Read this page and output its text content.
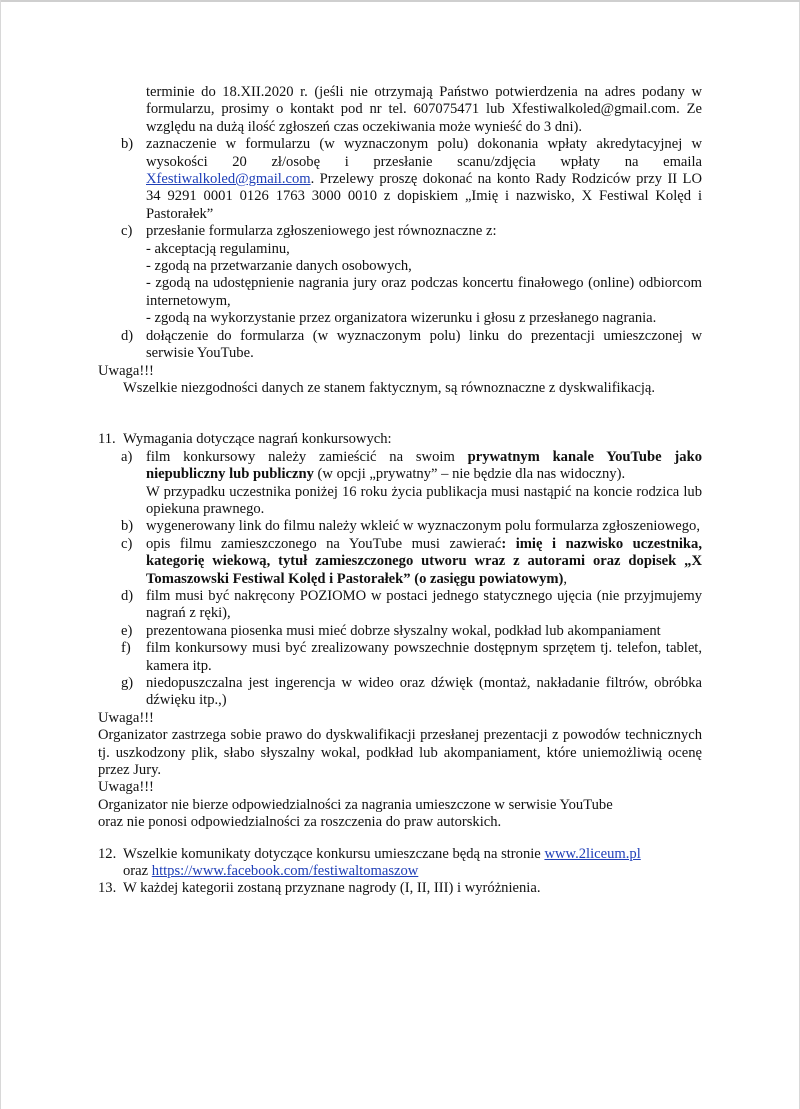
terminie do 18.XII.2020 r. (jeśli nie otrzymają Państwo potwierdzenia na adres podany w formularzu, prosimy o kontakt pod nr tel. 607075471 lub Xfestiwalkoled@gmail.com. Ze względu na dużą ilość zgłoszeń czas oczekiwania może wynieść do 3 dni).

b) zaznaczenie w formularzu (w wyznaczonym polu) dokonania wpłaty akredytacyjnej w wysokości 20 zł/osobę i przesłanie scanu/zdjęcia wpłaty na emaila Xfestiwalkoled@gmail.com. Przelewy proszę dokonać na konto Rady Rodziców przy II LO 34 9291 0001 0126 1763 3000 0010 z dopiskiem „Imię i nazwisko, X Festiwal Kolęd i Pastorałek”

c) przesłanie formularza zgłoszeniowego jest równoznaczne z:

- akceptacją regulaminu,

- zgodą na przetwarzanie danych osobowych,

- zgodą na udostępnienie nagrania jury oraz podczas koncertu finałowego (online) odbiorcom internetowym,

- zgodą na wykorzystanie przez organizatora wizerunku i głosu z przesłanego nagrania.

d) dołączenie do formularza (w wyznaczonym polu) linku do prezentacji umieszczonej w serwisie YouTube.

Uwaga!!!

Wszelkie niezgodności danych ze stanem faktycznym, są równoznaczne z dyskwalifikacją.

11. Wymagania dotyczące nagrań konkursowych:

a) film konkursowy należy zamieścić na swoim prywatnym kanale YouTube jako niepubliczny lub publiczny (w opcji „prywatny” – nie będzie dla nas widoczny).

W przypadku uczestnika poniżej 16 roku życia publikacja musi nastąpić na koncie rodzica lub opiekuna prawnego.

b) wygenerowany link do filmu należy wkleić w wyznaczonym polu formularza zgłoszeniowego,

c) opis filmu zamieszczonego na YouTube musi zawierać: imię i nazwisko uczestnika, kategorię wiekową, tytuł zamieszczonego utworu wraz z autorami oraz dopisek „X Tomaszowski Festiwal Kolęd i Pastorałek” (o zasięgu powiatowym),

d) film musi być nakręcony POZIOMO w postaci jednego statycznego ujęcia (nie przyjmujemy nagrań z ręki),

e) prezentowana piosenka musi mieć dobrze słyszalny wokal, podkład lub akompaniament

f) film konkursowy musi być zrealizowany powszechnie dostępnym sprzętem tj. telefon, tablet, kamera itp.

g) niedopuszczalna jest ingerencja w wideo oraz dźwięk (montaż, nakładanie filtrów, obróbka dźwięku itp.,)

Uwaga!!!

Organizator zastrzega sobie prawo do dyskwalifikacji przesłanej prezentacji z powodów technicznych tj. uszkodzony plik, słabo słyszalny wokal, podkład lub akompaniament, które uniemożliwią ocenę przez Jury.

Uwaga!!!

Organizator nie bierze odpowiedzialności za nagrania umieszczone w serwisie YouTube

oraz nie ponosi odpowiedzialności za roszczenia do praw autorskich.

12. Wszelkie komunikaty dotyczące konkursu umieszczane będą na stronie www.2liceum.pl

oraz https://www.facebook.com/festiwaltomaszow

13. W każdej kategorii zostaną przyznane nagrody (I, II, III) i wyróżnienia.
